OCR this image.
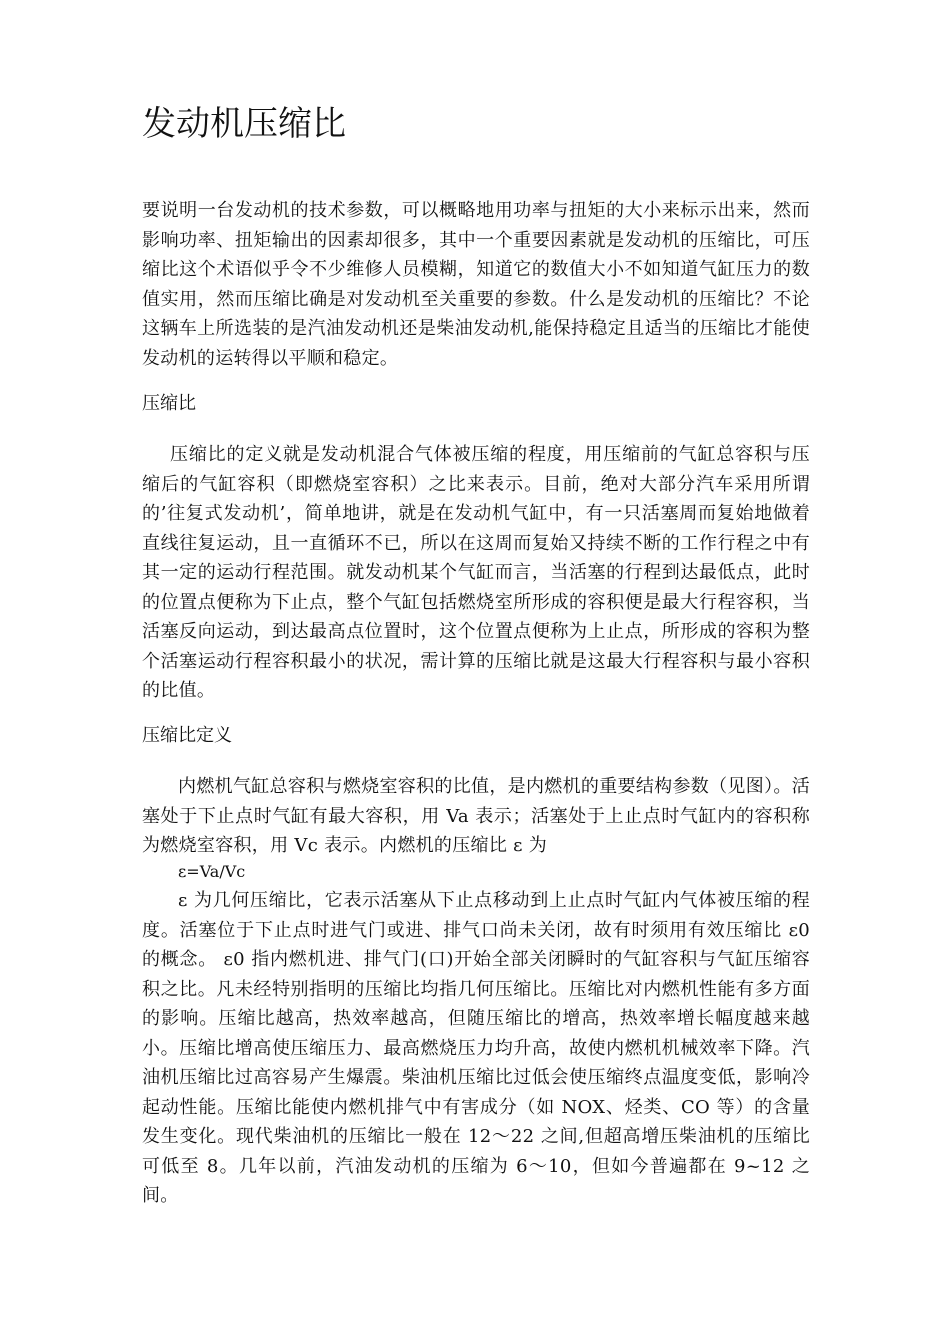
发动机压缩比

要说明一台发动机的技术参数，可以概略地用功率与扭矩的大小来标示出来，然而影响功率、扭矩输出的因素却很多，其中一个重要因素就是发动机的压缩比，可压缩比这个术语似乎令不少维修人员模糊，知道它的数值大小不如知道气缸压力的数值实用，然而压缩比确是对发动机至关重要的参数。什么是发动机的压缩比？不论这辆车上所选装的是汽油发动机还是柴油发动机,能保持稳定且适当的压缩比才能使发动机的运转得以平顺和稳定。

压缩比

压缩比的定义就是发动机混合气体被压缩的程度，用压缩前的气缸总容积与压缩后的气缸容积（即燃烧室容积）之比来表示。目前，绝对大部分汽车采用所谓的’往复式发动机’，简单地讲，就是在发动机气缸中，有一只活塞周而复始地做着直线往复运动，且一直循环不已，所以在这周而复始又持续不断的工作行程之中有其一定的运动行程范围。就发动机某个气缸而言，当活塞的行程到达最低点，此时的位置点便称为下止点，整个气缸包括燃烧室所形成的容积便是最大行程容积，当活塞反向运动，到达最高点位置时，这个位置点便称为上止点，所形成的容积为整个活塞运动行程容积最小的状况，需计算的压缩比就是这最大行程容积与最小容积的比值。

压缩比定义

内燃机气缸总容积与燃烧室容积的比值，是内燃机的重要结构参数（见图）。活塞处于下止点时气缸有最大容积，用 Va 表示；活塞处于上止点时气缸内的容积称为燃烧室容积，用 Vc 表示。内燃机的压缩比 ε 为

ε=Va/Vc

ε 为几何压缩比，它表示活塞从下止点移动到上止点时气缸内气体被压缩的程度。活塞位于下止点时进气门或进、排气口尚未关闭，故有时须用有效压缩比 ε0 的概念。 ε0 指内燃机进、排气门(口)开始全部关闭瞬时的气缸容积与气缸压缩容积之比。凡未经特别指明的压缩比均指几何压缩比。压缩比对内燃机性能有多方面的影响。压缩比越高，热效率越高，但随压缩比的增高，热效率增长幅度越来越小。压缩比增高使压缩压力、最高燃烧压力均升高，故使内燃机机械效率下降。汽油机压缩比过高容易产生爆震。柴油机压缩比过低会使压缩终点温度变低，影响冷起动性能。压缩比能使内燃机排气中有害成分（如 NOX、烃类、CO 等）的含量发生变化。现代柴油机的压缩比一般在 12～22 之间,但超高增压柴油机的压缩比可低至 8。几年以前，汽油发动机的压缩为 6～10，但如今普遍都在 9~12 之间。
